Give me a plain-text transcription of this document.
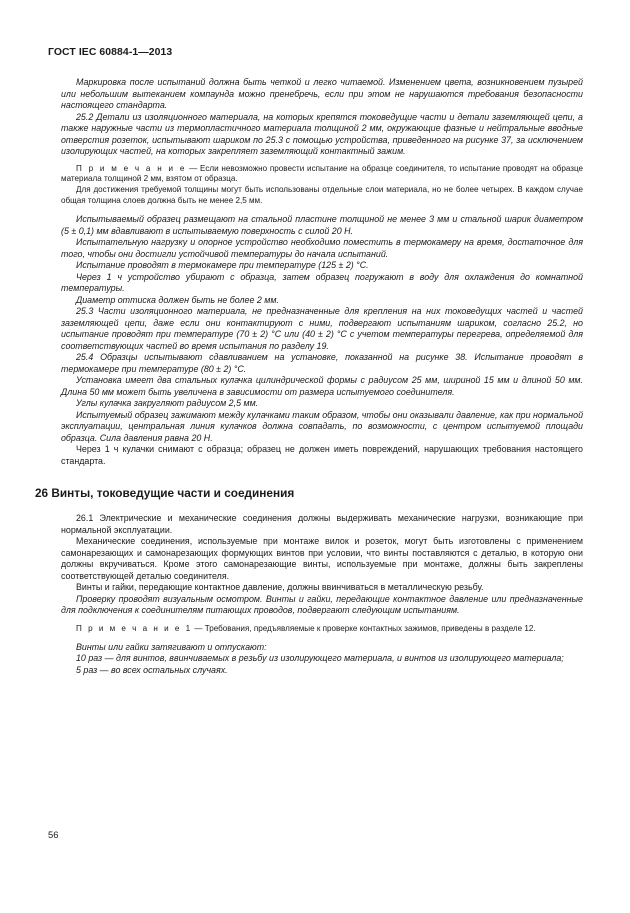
ГОСТ IEC 60884-1—2013

Маркировка после испытаний должна быть четкой и легко читаемой. Изменением цвета, возникновением пузырей или небольшим вытеканием компаунда можно пренебречь, если при этом не нарушаются требования безопасности настоящего стандарта.

25.2 Детали из изоляционного материала, на которых крепятся токоведущие части и детали заземляющей цепи, а также наружные части из термопластичного материала толщиной 2 мм, окружающие фазные и нейтральные вводные отверстия розеток, испытывают шариком по 25.3 с помощью устройства, приведенного на рисунке 37, за исключением изолирующих частей, на которых закрепляет заземляющий контактный зажим.

П р и м е ч а н и е — Если невозможно провести испытание на образце соединителя, то испытание проводят на образце материала толщиной 2 мм, взятом от образца.

Для достижения требуемой толщины могут быть использованы отдельные слои материала, но не более четырех. В каждом случае общая толщина слоев должна быть не менее 2,5 мм.

Испытываемый образец размещают на стальной пластине толщиной не менее 3 мм и стальной шарик диаметром (5 ± 0,1) мм вдавливают в испытываемую поверхность с силой 20 Н.

Испытательную нагрузку и опорное устройство необходимо поместить в термокамеру на время, достаточное для того, чтобы они достигли устойчивой температуры до начала испытаний.

Испытание проводят в термокамере при температуре (125 ± 2) °С.

Через 1 ч устройство убирают с образца, затем образец погружают в воду для охлаждения до комнатной температуры.

Диаметр оттиска должен быть не более 2 мм.

25.3 Части изоляционного материала, не предназначенные для крепления на них токоведущих частей и частей заземляющей цепи, даже если они контактируют с ними, подвергают испытаниям шариком, согласно 25.2, но испытание проводят при температуре (70 ± 2) °С или (40 ± 2) °С с учетом температуры перегрева, определяемой для соответствующих частей во время испытания по разделу 19.

25.4 Образцы испытывают сдавливанием на установке, показанной на рисунке 38. Испытание проводят в термокамере при температуре (80 ± 2) °С.

Установка имеет два стальных кулачка цилиндрической формы с радиусом 25 мм, шириной 15 мм и длиной 50 мм. Длина 50 мм может быть увеличена в зависимости от размера испытуемого соединителя.

Углы кулачка закругляют радиусом 2,5 мм.

Испытуемый образец зажимают между кулачками таким образом, чтобы они оказывали давление, как при нормальной эксплуатации, центральная линия кулачков должна совпадать, по возможности, с центром испытуемой площади образца. Сила давления равна 20 Н.

Через 1 ч кулачки снимают с образца; образец не должен иметь повреждений, нарушающих требования настоящего стандарта.

26 Винты, токоведущие части и соединения

26.1 Электрические и механические соединения должны выдерживать механические нагрузки, возникающие при нормальной эксплуатации.

Механические соединения, используемые при монтаже вилок и розеток, могут быть изготовлены с применением самонарезающих и самонарезающих формующих винтов при условии, что винты поставляются с деталью, в которую они должны вкручиваться. Кроме этого самонарезающие винты, используемые при монтаже, должны быть закреплены соответствующей деталью соединителя.

Винты и гайки, передающие контактное давление, должны ввинчиваться в металлическую резьбу.

Проверку проводят визуальным осмотром. Винты и гайки, передающие контактное давление или предназначенные для подключения к соединителям питающих проводов, подвергают следующим испытаниям.

П р и м е ч а н и е 1 — Требования, предъявляемые к проверке контактных зажимов, приведены в разделе 12.

Винты или гайки затягивают и отпускают:

10 раз — для винтов, ввинчиваемых в резьбу из изолирующего материала, и винтов из изолирующего материала;

5 раз — во всех остальных случаях.

56
